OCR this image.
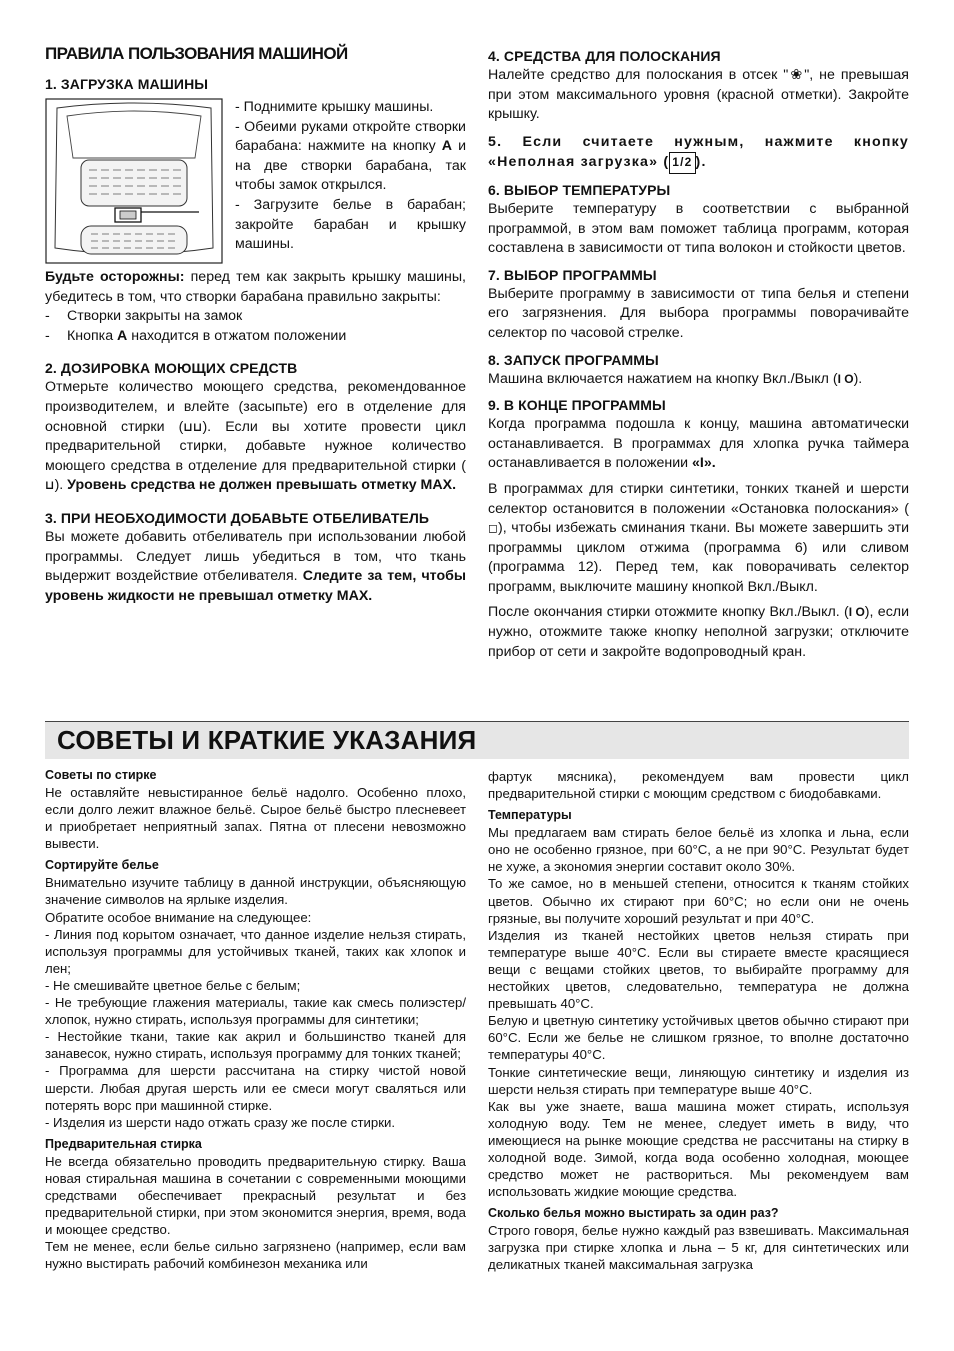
ПРАВИЛА ПОЛЬЗОВАНИЯ МАШИНОЙ
1. ЗАГРУЗКА МАШИНЫ

- Поднимите крышку машины.

- Обеими руками откройте створки барабана: нажмите на кнопку A и на две створки барабана, так чтобы замок открылся.

- Загрузите белье в барабан; закройте барабан и крышку машины.

Будьте осторожны: перед тем как закрыть крышку машины, убедитесь в том, что створки барабана правильно закрыты:

-	Створки закрыты на замок
-	Кнопка A находится в отжатом положении
2. ДОЗИРОВКА МОЮЩИХ СРЕДСТВ

Отмерьте количество моющего средства, рекомендованное производителем, и влейте (засыпьте) его в отделение для основной стирки (⊔⊔). Если вы хотите провести цикл предварительной стирки, добавьте нужное количество моющего средства в отделение для предварительной стирки (⊔). Уровень средства не должен превышать отметку MAX.

3. ПРИ НЕОБХОДИМОСТИ ДОБАВЬТЕ ОТБЕЛИВАТЕЛЬ

Вы можете добавить отбеливатель при использовании любой программы. Следует лишь убедиться в том, что ткань выдержит воздействие отбеливателя. Следите за тем, чтобы уровень жидкости не превышал отметку MAX.

4. СРЕДСТВА ДЛЯ ПОЛОСКАНИЯ

Налейте средство для полоскания в отсек "❀", не превышая при этом максимального уровня (красной отметки). Закройте крышку.

5. Если считаете нужным, нажмите кнопку «Неполная загрузка» ( 1/2 ).

6. ВЫБОР ТЕМПЕРАТУРЫ

Выберите температуру в соответствии с выбранной программой, в этом вам поможет таблица программ, которая составлена в зависимости от типа волокон и стойкости цветов.

7. ВЫБОР ПРОГРАММЫ

Выберите программу в зависимости от типа белья и степени его загрязнения. Для выбора программы поворачивайте селектор по часовой стрелке.

8. ЗАПУСК ПРОГРАММЫ

Машина включается нажатием на кнопку Вкл./Выкл (I O).

9. В КОНЦЕ ПРОГРАММЫ

Когда программа подошла к концу, машина автоматически останавливается. В программах для хлопка ручка таймера останавливается в положении «I».

В программах для стирки синтетики, тонких тканей и шерсти селектор остановится в положении «Остановка полоскания» (◻), чтобы избежать сминания ткани. Вы можете завершить эти программы циклом отжима (программа 6) или сливом (программа 12). Перед тем, как поворачивать селектор программ, выключите машину кнопкой Вкл./Выкл.

После окончания стирки отожмите кнопку Вкл./Выкл. (I O), если нужно, отожмите также кнопку неполной загрузки; отключите прибор от сети и закройте водопроводный кран.

СОВЕТЫ И КРАТКИЕ УКАЗАНИЯ
Советы по стирке

Не оставляйте невыстиранное бельё надолго. Особенно плохо, если долго лежит влажное бельё. Сырое бельё быстро плесневеет и приобретает неприятный запах. Пятна от плесени невозможно вывести.

Сортируйте белье

Внимательно изучите таблицу в данной инструкции, объясняющую значение символов на ярлыке изделия.

Обратите особое внимание на следующее:

- Линия под корытом означает, что данное изделие нельзя стирать, используя программы для устойчивых тканей, таких как хлопок и лен;

- Не смешивайте цветное белье с белым;

- Не требующие глажения материалы, такие как смесь полиэстер/хлопок, нужно стирать, используя программы для синтетики;

- Нестойкие ткани, такие как акрил и большинство тканей для занавесок, нужно стирать, используя программу для тонких тканей;

- Программа для шерсти рассчитана на стирку чистой новой шерсти. Любая другая шерсть или ее смеси могут сваляться или потерять ворс при машинной стирке.

- Изделия из шерсти надо отжать сразу же после стирки.

Предварительная стирка

Не всегда обязательно проводить предварительную стирку. Ваша новая стиральная машина в сочетании с современными моющими средствами обеспечивает прекрасный результат и без предварительной стирки, при этом экономится энергия, время, вода и моющее средство.

Тем не менее, если белье сильно загрязнено (например, если вам нужно выстирать рабочий комбинезон механика или

фартук мясника), рекомендуем вам провести цикл предварительной стирки с моющим средством с биодобавками.

Температуры

Мы предлагаем вам стирать белое бельё из хлопка и льна, если оно не особенно грязное, при 60°C, а не при 90°C. Результат будет не хуже, а экономия энергии составит около 30%.

То же самое, но в меньшей степени, относится к тканям стойких цветов. Обычно их стирают при 60°C; но если они не очень грязные, вы получите хороший результат и при 40°C.

Изделия из тканей нестойких цветов нельзя стирать при температуре выше 40°C. Если вы стираете вместе красящиеся вещи с вещами стойких цветов, то выбирайте программу для нестойких цветов, следовательно, температура не должна превышать 40°C.

Белую и цветную синтетику устойчивых цветов обычно стирают при 60°C. Если же белье не слишком грязное, то вполне достаточно температуры 40°C.

Тонкие синтетические вещи, линяющую синтетику и изделия из шерсти нельзя стирать при температуре выше 40°C.

Как вы уже знаете, ваша машина может стирать, используя холодную воду. Тем не менее, следует иметь в виду, что имеющиеся на рынке моющие средства не рассчитаны на стирку в холодной воде. Зимой, когда вода особенно холодная, моющее средство может не раствориться. Мы рекомендуем вам использовать жидкие моющие средства.

Сколько белья можно выстирать за один раз?

Строго говоря, белье нужно каждый раз взвешивать. Максимальная загрузка при стирке хлопка и льна – 5 кг, для синтетических или деликатных тканей максимальная загрузка
